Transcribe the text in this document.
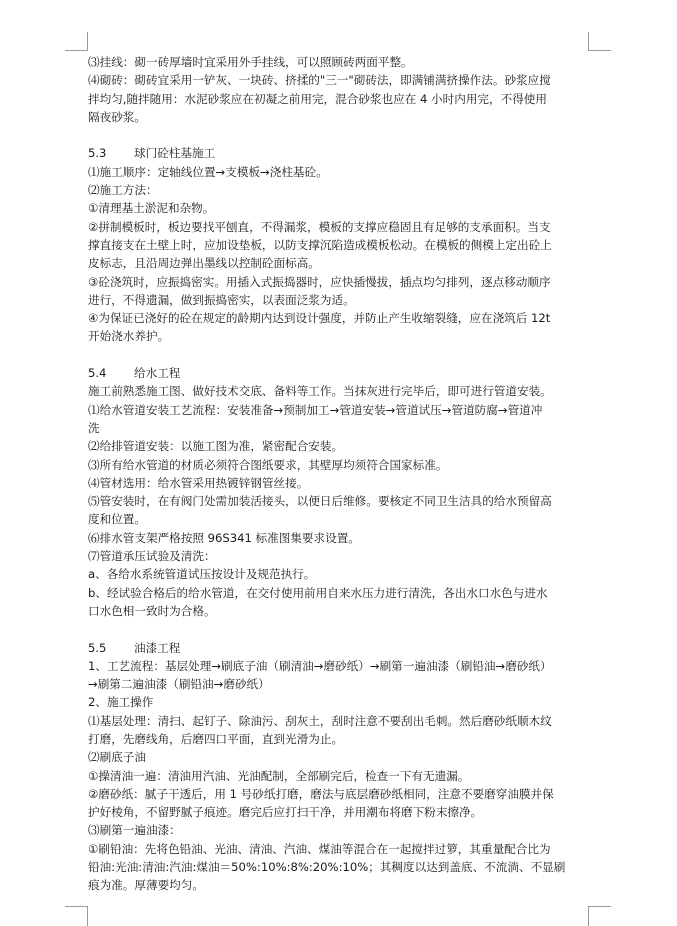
⑶挂线：砌一砖厚墙时宜采用外手挂线，可以照顾砖两面平整。
⑷砌砖：砌砖宜采用一铲灰、一块砖、挤揉的"三一"砌砖法，即满铺满挤操作法。砂浆应搅
拌均匀,随拌随用：水泥砂浆应在初凝之前用完，混合砂浆也应在 4 小时内用完，不得使用
隔夜砂浆。
5.3	球门砼柱基施工
⑴施工顺序：定轴线位置→支模板→浇柱基砼。
⑵施工方法：
①清理基土淤泥和杂物。
②拼制模板时，板边要找平刨直，不得漏浆，模板的支撑应稳固且有足够的支承面积。当支
撑直接支在土壁上时，应加设垫板，以防支撑沉陷造成模板松动。在模板的侧模上定出砼上
皮标志，且沿周边弹出墨线以控制砼面标高。
③砼浇筑时，应振捣密实。用插入式振捣器时，应快插慢拔，插点均匀排列，逐点移动顺序
进行，不得遗漏，做到振捣密实，以表面泛浆为适。
④为保证已浇好的砼在规定的龄期内达到设计强度，并防止产生收缩裂缝，应在浇筑后 12t
开始浇水养护。
5.4	给水工程
施工前熟悉施工图、做好技术交底、备料等工作。当抹灰进行完毕后，即可进行管道安装。
⑴给水管道安装工艺流程：安装准备→预制加工→管道安装→管道试压→管道防腐→管道冲
洗
⑵给排管道安装：以施工图为准，紧密配合安装。
⑶所有给水管道的材质必须符合图纸要求，其壁厚均须符合国家标准。
⑷管材选用：给水管采用热镀锌钢管丝接。
⑸管安装时，在有阀门处需加装活接头，以便日后维修。要核定不同卫生洁具的给水预留高
度和位置。
⑹排水管支架严格按照 96S341 标准图集要求设置。
⑺管道承压试验及清洗：
a、各给水系统管道试压按设计及规范执行。
b、经试验合格后的给水管道，在交付使用前用自来水压力进行清洗，各出水口水色与进水
口水色相一致时为合格。
5.5	油漆工程
1、工艺流程：基层处理→刷底子油（刷清油→磨砂纸）→刷第一遍油漆（刷铅油→磨砂纸）
→刷第二遍油漆（刷铅油→磨砂纸）
2、施工操作
⑴基层处理：清扫、起钉子、除油污、刮灰土，刮时注意不要刮出毛刺。然后磨砂纸顺木纹
打磨，先磨线角，后磨四口平面，直到光滑为止。
⑵刷底子油
①操清油一遍：清油用汽油、光油配制，全部刷完后，检查一下有无遗漏。
②磨砂纸：腻子干透后，用 1 号砂纸打磨，磨法与底层磨砂纸相同，注意不要磨穿油膜并保
护好棱角，不留野腻子痕迹。磨完后应打扫干净，并用潮布将磨下粉末擦净。
⑶刷第一遍油漆：
①刷铅油：先将色铅油、光油、清油、汽油、煤油等混合在一起搅拌过箩，其重量配合比为
铅油:光油:清油:汽油:煤油＝50%:10%:8%:20%:10%；其稠度以达到盖底、不流淌、不显刷
痕为准。厚薄要均匀。
